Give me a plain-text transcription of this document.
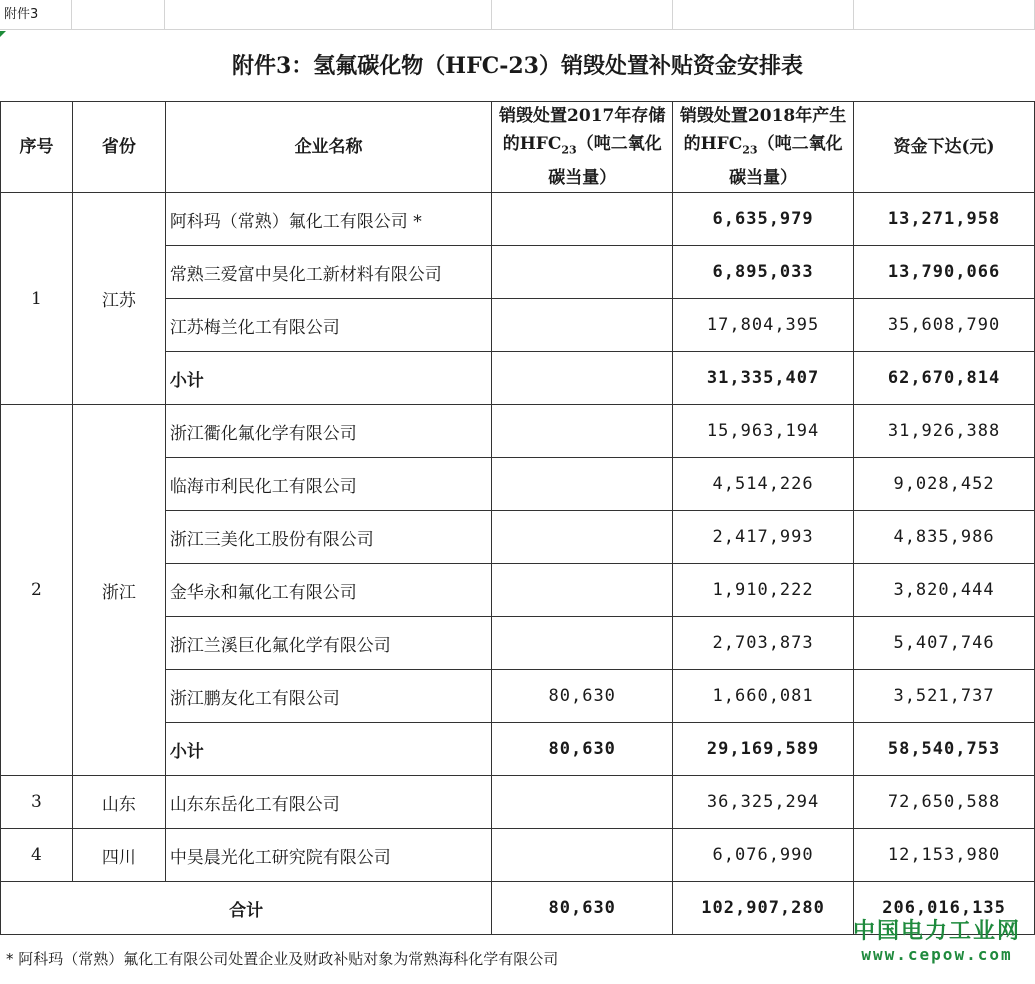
附件3
附件3：氢氟碳化物（HFC-23）销毁处置补贴资金安排表
序号	省份	企业名称	销毁处置2017年存储的$HFC_{23}$（吨二氧化碳当量）	销毁处置2018年产生的$HFC_{23}$（吨二氧化碳当量）	资金下达(元)
1	江苏	阿科玛（常熟）氟化工有限公司 *		6,635,979	13,271,958
		常熟三爱富中昊化工新材料有限公司		6,895,033	13,790,066
		江苏梅兰化工有限公司		17,804,395	35,608,790
		小计		31,335,407	62,670,814
2	浙江	浙江衢化氟化学有限公司		15,963,194	31,926,388
		临海市利民化工有限公司		4,514,226	9,028,452
		浙江三美化工股份有限公司		2,417,993	4,835,986
		金华永和氟化工有限公司		1,910,222	3,820,444
		浙江兰溪巨化氟化学有限公司		2,703,873	5,407,746
		浙江鹏友化工有限公司	80,630	1,660,081	3,521,737
		小计	80,630	29,169,589	58,540,753
3	山东	山东东岳化工有限公司		36,325,294	72,650,588
4	四川	中昊晨光化工研究院有限公司		6,076,990	12,153,980
合计			80,630	102,907,280	206,016,135
* 阿科玛（常熟）氟化工有限公司处置企业及财政补贴对象为常熟海科化学有限公司
中国电力工业网
www.cepow.com
